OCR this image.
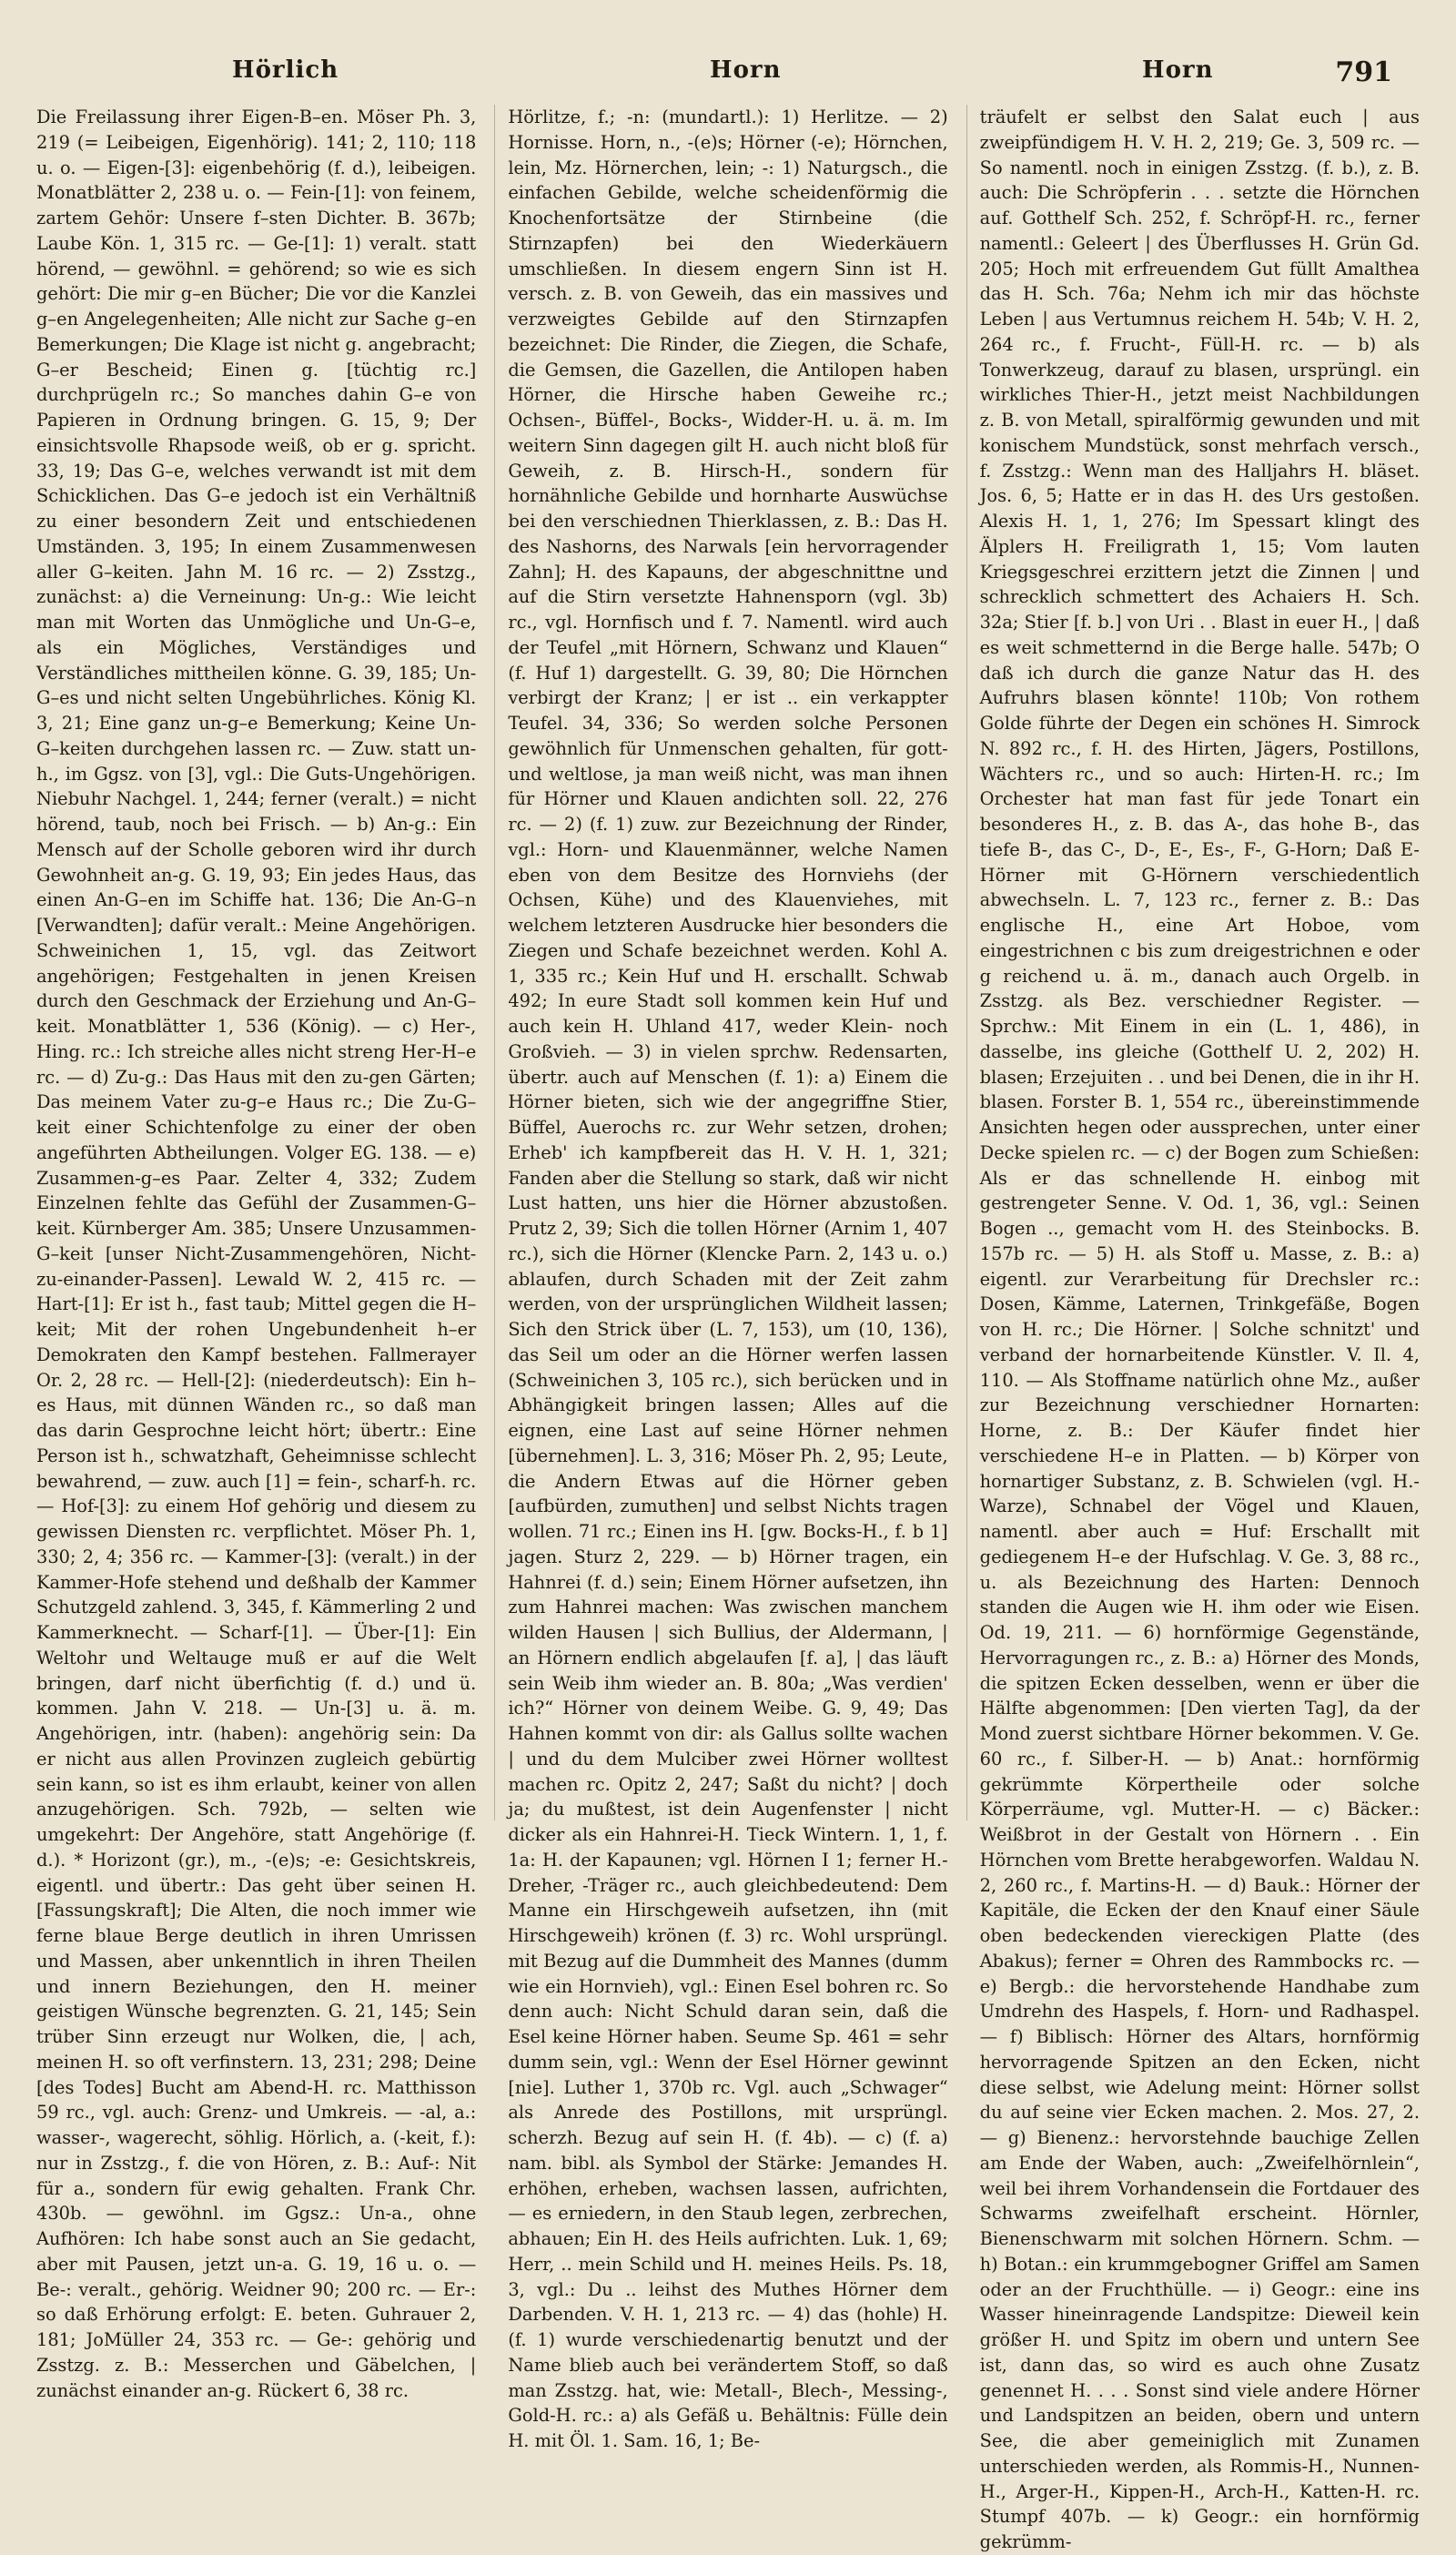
Hörlich	Horn	Horn	791

Die Freilassung ihrer Eigen-B–en. Möser Ph. 3, 219 (= Leibeigen, Eigenhörig). 141; 2, 110; 118 u. o. — Eigen-[3]: eigenbehörig (f. d.), leibeigen. Monatblätter 2, 238 u. o. — Fein-[1]: von feinem, zartem Gehör: Unsere f–sten Dichter. B. 367b; Laube Kön. 1, 315 rc. — Ge-[1]: 1) veralt. statt hörend, — gewöhnl. = gehörend; so wie es sich gehört: Die mir g–en Bücher; Die vor die Kanzlei g–en Angelegenheiten; Alle nicht zur Sache g–en Bemerkungen; Die Klage ist nicht g. angebracht; G–er Bescheid; Einen g. [tüchtig rc.] durchprügeln rc.; So manches dahin G–e von Papieren in Ordnung bringen. G. 15, 9; Der einsichtsvolle Rhapsode weiß, ob er g. spricht. 33, 19; Das G–e, welches verwandt ist mit dem Schicklichen. Das G–e jedoch ist ein Verhältniß zu einer besondern Zeit und entschiedenen Umständen. 3, 195; In einem Zusammenwesen aller G–keiten. Jahn M. 16 rc. — 2) Zsstzg., zunächst: a) die Verneinung: Un-g.: Wie leicht man mit Worten das Unmögliche und Un-G–e, als ein Mögliches, Verständiges und Verständliches mittheilen könne. G. 39, 185; Un-G–es und nicht selten Ungebührliches. König Kl. 3, 21; Eine ganz un-g–e Bemerkung; Keine Un-G–keiten durchgehen lassen rc. — Zuw. statt un-h., im Ggsz. von [3], vgl.: Die Guts-Ungehörigen. Niebuhr Nachgel. 1, 244; ferner (veralt.) = nicht hörend, taub, noch bei Frisch. — b) An-g.: Ein Mensch auf der Scholle geboren wird ihr durch Gewohnheit an-g. G. 19, 93; Ein jedes Haus, das einen An-G–en im Schiffe hat. 136; Die An-G–n [Verwandten]; dafür veralt.: Meine Angehörigen. Schweinichen 1, 15, vgl. das Zeitwort angehörigen; Festgehalten in jenen Kreisen durch den Geschmack der Erziehung und An-G–keit. Monatblätter 1, 536 (König). — c) Her-, Hing. rc.: Ich streiche alles nicht streng Her-H–e rc. — d) Zu-g.: Das Haus mit den zu-gen Gärten; Das meinem Vater zu-g–e Haus rc.; Die Zu-G–keit einer Schichtenfolge zu einer der oben angeführten Abtheilungen. Volger EG. 138. — e) Zusammen-g–es Paar. Zelter 4, 332; Zudem Einzelnen fehlte das Gefühl der Zusammen-G–keit. Kürnberger Am. 385; Unsere Unzusammen-G–keit [unser Nicht-Zusammengehören, Nicht-zu-einander-Passen]. Lewald W. 2, 415 rc. — Hart-[1]: Er ist h., fast taub; Mittel gegen die H–keit; Mit der rohen Ungebundenheit h–er Demokraten den Kampf bestehen. Fallmerayer Or. 2, 28 rc. — Hell-[2]: (niederdeutsch): Ein h–es Haus, mit dünnen Wänden rc., so daß man das darin Gesprochne leicht hört; übertr.: Eine Person ist h., schwatzhaft, Geheimnisse schlecht bewahrend, — zuw. auch [1] = fein-, scharf-h. rc. — Hof-[3]: zu einem Hof gehörig und diesem zu gewissen Diensten rc. verpflichtet. Möser Ph. 1, 330; 2, 4; 356 rc. — Kammer-[3]: (veralt.) in der Kammer-Hofe stehend und deßhalb der Kammer Schutzgeld zahlend. 3, 345, f. Kämmerling 2 und Kammerknecht. — Scharf-[1]. — Über-[1]: Ein Weltohr und Weltauge muß er auf die Welt bringen, darf nicht überfichtig (f. d.) und ü. kommen. Jahn V. 218. — Un-[3] u. ä. m. Angehörigen, intr. (haben): angehörig sein: Da er nicht aus allen Provinzen zugleich gebürtig sein kann, so ist es ihm erlaubt, keiner von allen anzugehörigen. Sch. 792b, — selten wie umgekehrt: Der Angehöre, statt Angehörige (f. d.). * Horizont (gr.), m., -(e)s; -e: Gesichtskreis, eigentl. und übertr.: Das geht über seinen H. [Fassungskraft]; Die Alten, die noch immer wie ferne blaue Berge deutlich in ihren Umrissen und Massen, aber unkenntlich in ihren Theilen und innern Beziehungen, den H. meiner geistigen Wünsche begrenzten. G. 21, 145; Sein trüber Sinn erzeugt nur Wolken, die, | ach, meinen H. so oft verfinstern. 13, 231; 298; Deine [des Todes] Bucht am Abend-H. rc. Matthisson 59 rc., vgl. auch: Grenz- und Umkreis. — -al, a.: wasser-, wagerecht, söhlig. Hörlich, a. (-keit, f.): nur in Zsstzg., f. die von Hören, z. B.: Auf-: Nit für a., sondern für ewig gehalten. Frank Chr. 430b. — gewöhnl. im Ggsz.: Un-a., ohne Aufhören: Ich habe sonst auch an Sie gedacht, aber mit Pausen, jetzt un-a. G. 19, 16 u. o. — Be-: veralt., gehörig. Weidner 90; 200 rc. — Er-: so daß Erhörung erfolgt: E. beten. Guhrauer 2, 181; JoMüller 24, 353 rc. — Ge-: gehörig und Zsstzg. z. B.: Messerchen und Gäbelchen, | zunächst einander an-g. Rückert 6, 38 rc.

Hörlitze, f.; -n: (mundartl.): 1) Herlitze. — 2) Hornisse. Horn, n., -(e)s; Hörner (-e); Hörnchen, lein, Mz. Hörnerchen, lein; -: 1) Naturgsch., die einfachen Gebilde, welche scheidenförmig die Knochenfortsätze der Stirnbeine (die Stirnzapfen) bei den Wiederkäuern umschließen. In diesem engern Sinn ist H. versch. z. B. von Geweih, das ein massives und verzweigtes Gebilde auf den Stirnzapfen bezeichnet: Die Rinder, die Ziegen, die Schafe, die Gemsen, die Gazellen, die Antilopen haben Hörner, die Hirsche haben Geweihe rc.; Ochsen-, Büffel-, Bocks-, Widder-H. u. ä. m. Im weitern Sinn dagegen gilt H. auch nicht bloß für Geweih, z. B. Hirsch-H., sondern für hornähnliche Gebilde und hornharte Auswüchse bei den verschiednen Thierklassen, z. B.: Das H. des Nashorns, des Narwals [ein hervorragender Zahn]; H. des Kapauns, der abgeschnittne und auf die Stirn versetzte Hahnensporn (vgl. 3b) rc., vgl. Hornfisch und f. 7. Namentl. wird auch der Teufel „mit Hörnern, Schwanz und Klauen“ (f. Huf 1) dargestellt. G. 39, 80; Die Hörnchen verbirgt der Kranz; | er ist .. ein verkappter Teufel. 34, 336; So werden solche Personen gewöhnlich für Unmenschen gehalten, für gott- und weltlose, ja man weiß nicht, was man ihnen für Hörner und Klauen andichten soll. 22, 276 rc. — 2) (f. 1) zuw. zur Bezeichnung der Rinder, vgl.: Horn- und Klauenmänner, welche Namen eben von dem Besitze des Hornviehs (der Ochsen, Kühe) und des Klauenviehes, mit welchem letzteren Ausdrucke hier besonders die Ziegen und Schafe bezeichnet werden. Kohl A. 1, 335 rc.; Kein Huf und H. erschallt. Schwab 492; In eure Stadt soll kommen kein Huf und auch kein H. Uhland 417, weder Klein- noch Großvieh. — 3) in vielen sprchw. Redensarten, übertr. auch auf Menschen (f. 1): a) Einem die Hörner bieten, sich wie der angegriffne Stier, Büffel, Auerochs rc. zur Wehr setzen, drohen; Erheb' ich kampfbereit das H. V. H. 1, 321; Fanden aber die Stellung so stark, daß wir nicht Lust hatten, uns hier die Hörner abzustoßen. Prutz 2, 39; Sich die tollen Hörner (Arnim 1, 407 rc.), sich die Hörner (Klencke Parn. 2, 143 u. o.) ablaufen, durch Schaden mit der Zeit zahm werden, von der ursprünglichen Wildheit lassen; Sich den Strick über (L. 7, 153), um (10, 136), das Seil um oder an die Hörner werfen lassen (Schweinichen 3, 105 rc.), sich berücken und in Abhängigkeit bringen lassen; Alles auf die eignen, eine Last auf seine Hörner nehmen [übernehmen]. L. 3, 316; Möser Ph. 2, 95; Leute, die Andern Etwas auf die Hörner geben [aufbürden, zumuthen] und selbst Nichts tragen wollen. 71 rc.; Einen ins H. [gw. Bocks-H., f. b 1] jagen. Sturz 2, 229. — b) Hörner tragen, ein Hahnrei (f. d.) sein; Einem Hörner aufsetzen, ihn zum Hahnrei machen: Was zwischen manchem wilden Hausen | sich Bullius, der Aldermann, | an Hörnern endlich abgelaufen [f. a], | das läuft sein Weib ihm wieder an. B. 80a; „Was verdien' ich?“ Hörner von deinem Weibe. G. 9, 49; Das Hahnen kommt von dir: als Gallus sollte wachen | und du dem Mulciber zwei Hörner wolltest machen rc. Opitz 2, 247; Saßt du nicht? | doch ja; du mußtest, ist dein Augenfenster | nicht dicker als ein Hahnrei-H. Tieck Wintern. 1, 1, f. 1a: H. der Kapaunen; vgl. Hörnen I 1; ferner H.-Dreher, -Träger rc., auch gleichbedeutend: Dem Manne ein Hirschgeweih aufsetzen, ihn (mit Hirschgeweih) krönen (f. 3) rc. Wohl ursprüngl. mit Bezug auf die Dummheit des Mannes (dumm wie ein Hornvieh), vgl.: Einen Esel bohren rc. So denn auch: Nicht Schuld daran sein, daß die Esel keine Hörner haben. Seume Sp. 461 = sehr dumm sein, vgl.: Wenn der Esel Hörner gewinnt [nie]. Luther 1, 370b rc. Vgl. auch „Schwager“ als Anrede des Postillons, mit ursprüngl. scherzh. Bezug auf sein H. (f. 4b). — c) (f. a) nam. bibl. als Symbol der Stärke: Jemandes H. erhöhen, erheben, wachsen lassen, aufrichten, — es erniedern, in den Staub legen, zerbrechen, abhauen; Ein H. des Heils aufrichten. Luk. 1, 69; Herr, .. mein Schild und H. meines Heils. Ps. 18, 3, vgl.: Du .. leihst des Muthes Hörner dem Darbenden. V. H. 1, 213 rc. — 4) das (hohle) H. (f. 1) wurde verschiedenartig benutzt und der Name blieb auch bei verändertem Stoff, so daß man Zsstzg. hat, wie: Metall-, Blech-, Messing-, Gold-H. rc.: a) als Gefäß u. Behältnis: Fülle dein H. mit Öl. 1. Sam. 16, 1; Be-

träufelt er selbst den Salat euch | aus zweipfündigem H. V. H. 2, 219; Ge. 3, 509 rc. — So namentl. noch in einigen Zsstzg. (f. b.), z. B. auch: Die Schröpferin . . . setzte die Hörnchen auf. Gotthelf Sch. 252, f. Schröpf-H. rc., ferner namentl.: Geleert | des Überflusses H. Grün Gd. 205; Hoch mit erfreuendem Gut füllt Amalthea das H. Sch. 76a; Nehm ich mir das höchste Leben | aus Vertumnus reichem H. 54b; V. H. 2, 264 rc., f. Frucht-, Füll-H. rc. — b) als Tonwerkzeug, darauf zu blasen, ursprüngl. ein wirkliches Thier-H., jetzt meist Nachbildungen z. B. von Metall, spiralförmig gewunden und mit konischem Mundstück, sonst mehrfach versch., f. Zsstzg.: Wenn man des Halljahrs H. bläset. Jos. 6, 5; Hatte er in das H. des Urs gestoßen. Alexis H. 1, 1, 276; Im Spessart klingt des Älplers H. Freiligrath 1, 15; Vom lauten Kriegsgeschrei erzittern jetzt die Zinnen | und schrecklich schmettert des Achaiers H. Sch. 32a; Stier [f. b.] von Uri . . Blast in euer H., | daß es weit schmetternd in die Berge halle. 547b; O daß ich durch die ganze Natur das H. des Aufruhrs blasen könnte! 110b; Von rothem Golde führte der Degen ein schönes H. Simrock N. 892 rc., f. H. des Hirten, Jägers, Postillons, Wächters rc., und so auch: Hirten-H. rc.; Im Orchester hat man fast für jede Tonart ein besonderes H., z. B. das A-, das hohe B-, das tiefe B-, das C-, D-, E-, Es-, F-, G-Horn; Daß E-Hörner mit G-Hörnern verschiedentlich abwechseln. L. 7, 123 rc., ferner z. B.: Das englische H., eine Art Hoboe, vom eingestrichnen c bis zum dreigestrichnen e oder g reichend u. ä. m., danach auch Orgelb. in Zsstzg. als Bez. verschiedner Register. — Sprchw.: Mit Einem in ein (L. 1, 486), in dasselbe, ins gleiche (Gotthelf U. 2, 202) H. blasen; Erzejuiten . . und bei Denen, die in ihr H. blasen. Forster B. 1, 554 rc., übereinstimmende Ansichten hegen oder aussprechen, unter einer Decke spielen rc. — c) der Bogen zum Schießen: Als er das schnellende H. einbog mit gestrengeter Senne. V. Od. 1, 36, vgl.: Seinen Bogen .., gemacht vom H. des Steinbocks. B. 157b rc. — 5) H. als Stoff u. Masse, z. B.: a) eigentl. zur Verarbeitung für Drechsler rc.: Dosen, Kämme, Laternen, Trinkgefäße, Bogen von H. rc.; Die Hörner. | Solche schnitzt' und verband der hornarbeitende Künstler. V. Il. 4, 110. — Als Stoffname natürlich ohne Mz., außer zur Bezeichnung verschiedner Hornarten: Horne, z. B.: Der Käufer findet hier verschiedene H–e in Platten. — b) Körper von hornartiger Substanz, z. B. Schwielen (vgl. H.-Warze), Schnabel der Vögel und Klauen, namentl. aber auch = Huf: Erschallt mit gediegenem H–e der Hufschlag. V. Ge. 3, 88 rc., u. als Bezeichnung des Harten: Dennoch standen die Augen wie H. ihm oder wie Eisen. Od. 19, 211. — 6) hornförmige Gegenstände, Hervorragungen rc., z. B.: a) Hörner des Monds, die spitzen Ecken desselben, wenn er über die Hälfte abgenommen: [Den vierten Tag], da der Mond zuerst sichtbare Hörner bekommen. V. Ge. 60 rc., f. Silber-H. — b) Anat.: hornförmig gekrümmte Körpertheile oder solche Körperräume, vgl. Mutter-H. — c) Bäcker.: Weißbrot in der Gestalt von Hörnern . . Ein Hörnchen vom Brette herabgeworfen. Waldau N. 2, 260 rc., f. Martins-H. — d) Bauk.: Hörner der Kapitäle, die Ecken der den Knauf einer Säule oben bedeckenden viereckigen Platte (des Abakus); ferner = Ohren des Rammbocks rc. — e) Bergb.: die hervorstehende Handhabe zum Umdrehn des Haspels, f. Horn- und Radhaspel. — f) Biblisch: Hörner des Altars, hornförmig hervorragende Spitzen an den Ecken, nicht diese selbst, wie Adelung meint: Hörner sollst du auf seine vier Ecken machen. 2. Mos. 27, 2. — g) Bienenz.: hervorstehnde bauchige Zellen am Ende der Waben, auch: „Zweifelhörnlein“, weil bei ihrem Vorhandensein die Fortdauer des Schwarms zweifelhaft erscheint. Hörnler, Bienenschwarm mit solchen Hörnern. Schm. — h) Botan.: ein krummgebogner Griffel am Samen oder an der Fruchthülle. — i) Geogr.: eine ins Wasser hineinragende Landspitze: Dieweil kein größer H. und Spitz im obern und untern See ist, dann das, so wird es auch ohne Zusatz genennet H. . . . Sonst sind viele andere Hörner und Landspitzen an beiden, obern und untern See, die aber gemeiniglich mit Zunamen unterschieden werden, als Rommis-H., Nunnen-H., Arger-H., Kippen-H., Arch-H., Katten-H. rc. Stumpf 407b. — k) Geogr.: ein hornförmig gekrümm-
